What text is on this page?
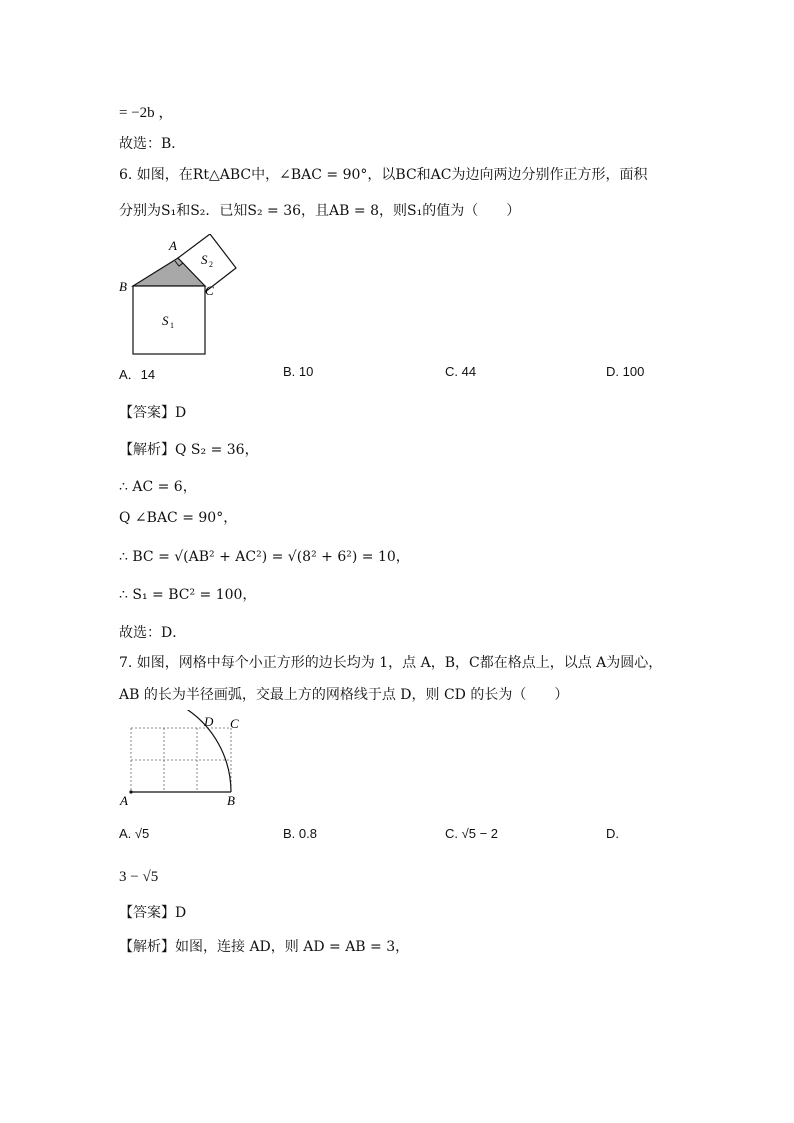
= −2b ，
故选：B．
6. 如图，在Rt△ABC中，∠BAC = 90°，以BC和AC为边向两边分别作正方形，面积
分别为S₁和S₂．已知S₂ = 36，且AB = 8，则S₁的值为（　　）
A
B	C
S 2
S 1
A．14	B. 10	C. 44	D. 100
【答案】D
【解析】Q S₂ = 36，
∴ AC = 6，
Q ∠BAC = 90°，
∴ BC = √(AB² + AC²) = √(8² + 6²) = 10，
∴ S₁ = BC² = 100，
故选：D．
7. 如图，网格中每个小正方形的边长均为 1，点 A，B，C都在格点上，以点 A为圆心，
AB 的长为半径画弧，交最上方的网格线于点 D，则 CD 的长为（　　）
A	B
C
D
A. √5	B. 0.8	C. √5 − 2	D.
3 − √5
【答案】D
【解析】如图，连接 AD，则 AD = AB = 3，
